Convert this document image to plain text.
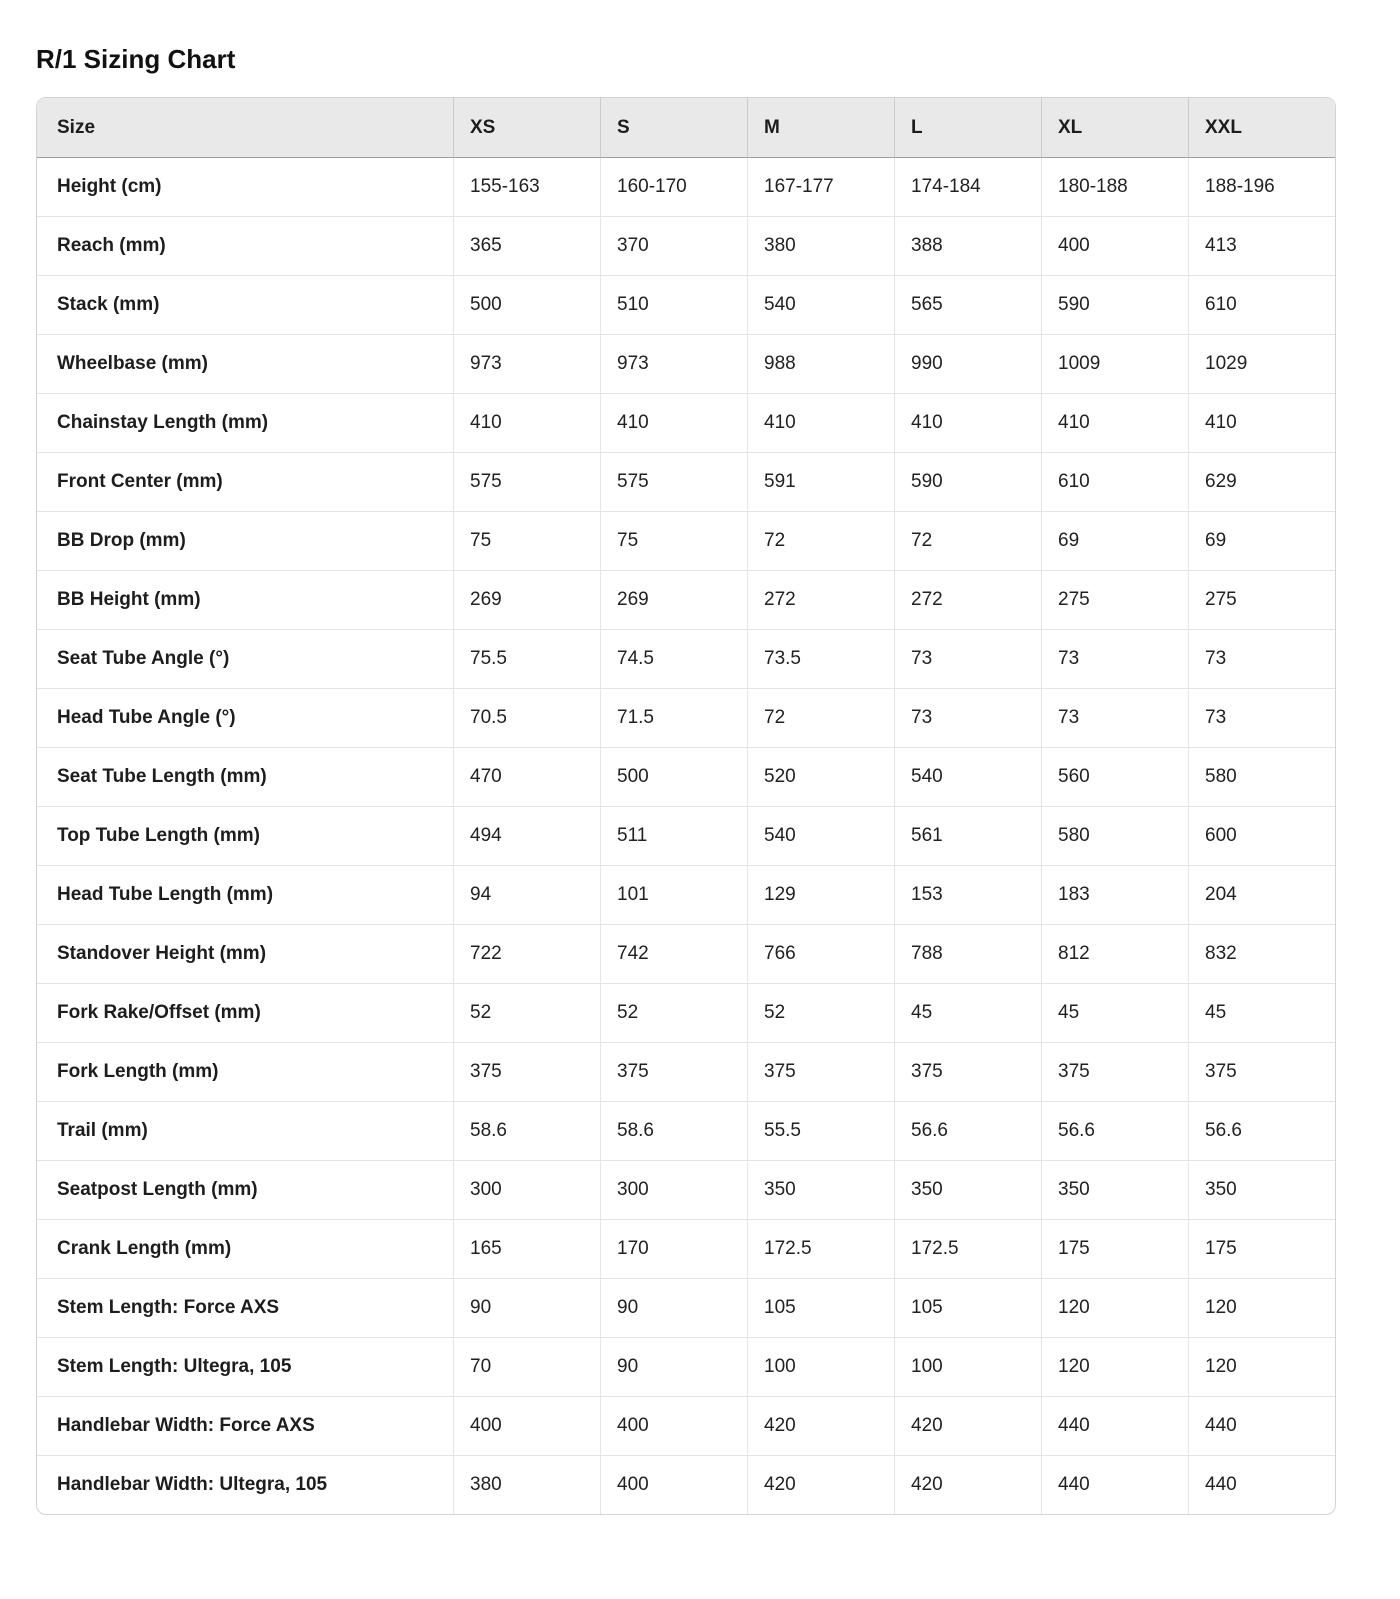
R/1 Sizing Chart
Size	XS	S	M	L	XL	XXL
Height (cm)	155-163	160-170	167-177	174-184	180-188	188-196
Reach (mm)	365	370	380	388	400	413
Stack (mm)	500	510	540	565	590	610
Wheelbase (mm)	973	973	988	990	1009	1029
Chainstay Length (mm)	410	410	410	410	410	410
Front Center (mm)	575	575	591	590	610	629
BB Drop (mm)	75	75	72	72	69	69
BB Height (mm)	269	269	272	272	275	275
Seat Tube Angle (°)	75.5	74.5	73.5	73	73	73
Head Tube Angle (°)	70.5	71.5	72	73	73	73
Seat Tube Length (mm)	470	500	520	540	560	580
Top Tube Length (mm)	494	511	540	561	580	600
Head Tube Length (mm)	94	101	129	153	183	204
Standover Height (mm)	722	742	766	788	812	832
Fork Rake/Offset (mm)	52	52	52	45	45	45
Fork Length (mm)	375	375	375	375	375	375
Trail (mm)	58.6	58.6	55.5	56.6	56.6	56.6
Seatpost Length (mm)	300	300	350	350	350	350
Crank Length (mm)	165	170	172.5	172.5	175	175
Stem Length: Force AXS	90	90	105	105	120	120
Stem Length: Ultegra, 105	70	90	100	100	120	120
Handlebar Width: Force AXS	400	400	420	420	440	440
Handlebar Width: Ultegra, 105	380	400	420	420	440	440
